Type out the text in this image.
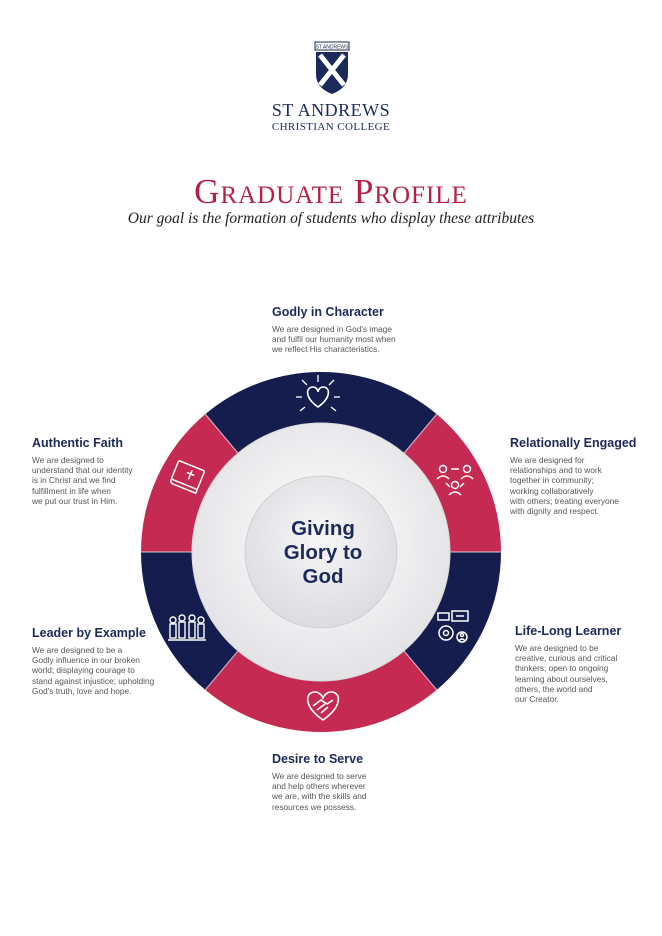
ST ANDREWS
ST ANDREWS
CHRISTIAN COLLEGE
Graduate Profile
Our goal is the formation of students who display these attributes
Giving
Glory to
God
Godly in Character
We are designed in God's image
and fulfil our humanity most when
we reflect His characteristics.
Relationally Engaged
We are designed for
relationships and to work
together in community;
working collaboratively
with others; treating everyone
with dignity and respect.
Life-Long Learner
We are designed to be
creative, curious and critical
thinkers; open to ongoing
learning about ourselves,
others, the world and
our Creator.
Desire to Serve
We are designed to serve
and help others wherever
we are, with the skills and
resources we possess.
Leader by Example
We are designed to be a
Godly influence in our broken
world; displaying courage to
stand against injustice; upholding
God's truth, love and hope.
Authentic Faith
We are designed to
understand that our identity
is in Christ and we find
fulfillment in life when
we put our trust in Him.
